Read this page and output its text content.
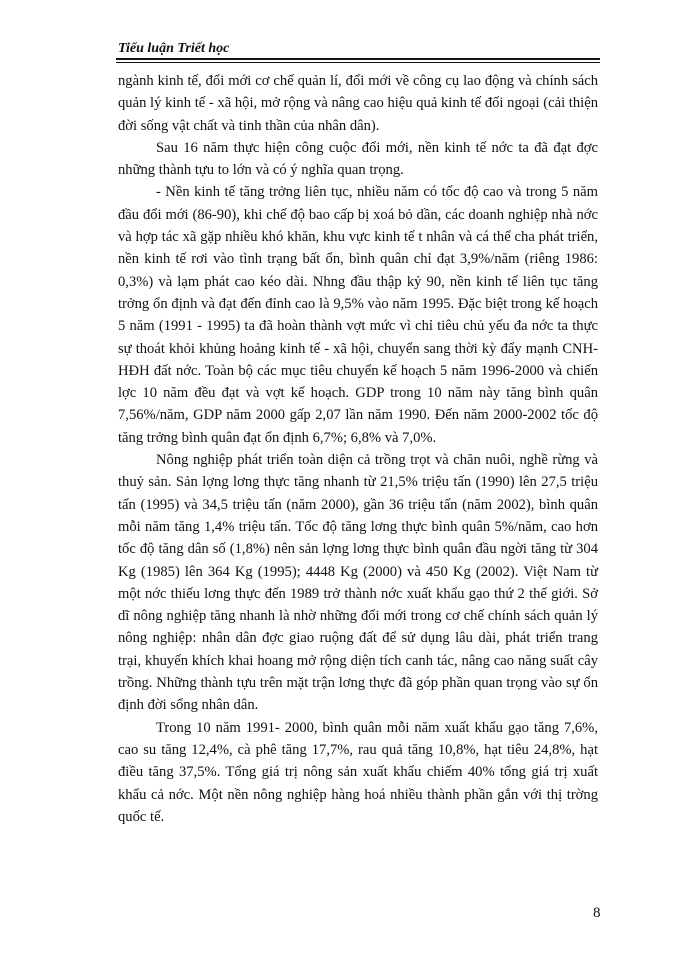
Tiểu luận Triết học

ngành kinh tế, đổi mới cơ chế quản lí, đổi mới về công cụ lao động và chính sách quản lý kinh tế - xã hội, mở rộng và nâng cao hiệu quả kinh tế đối ngoại (cải thiện đời sống vật chất và tinh thần của nhân dân).

Sau 16 năm thực hiện công cuộc đổi mới, nền kinh tế nớc ta đã đạt đợc những thành tựu to lớn và có ý nghĩa quan trọng.

- Nền kinh tế tăng trởng liên tục, nhiều năm có tốc độ cao và trong 5 năm đầu đổi mới (86-90), khi chế độ bao cấp bị xoá bỏ dần, các doanh nghiệp nhà nớc và hợp tác xã gặp nhiều khó khăn, khu vực kinh tế t nhân và cá thể cha phát triển, nền kinh tế rơi vào tình trạng bất ổn, bình quân chỉ đạt 3,9%/năm (riêng 1986: 0,3%) và lạm phát cao kéo dài. Nhng đầu thập kỷ 90, nền kinh tế liên tục tăng trởng ổn định và đạt đến đỉnh cao là 9,5% vào năm 1995. Đặc biệt trong kế hoạch 5 năm (1991 - 1995) ta đã hoàn thành vợt mức vì chỉ tiêu chủ yếu đa nớc ta thực sự thoát khỏi khủng hoảng kinh tế - xã hội, chuyển sang thời kỳ đẩy mạnh CNH-HĐH đất nớc. Toàn bộ các mục tiêu chuyển kế hoạch 5 năm 1996-2000 và chiến lợc 10 năm đều đạt và vợt kế hoạch. GDP trong 10 năm này tăng bình quân 7,56%/năm, GDP năm 2000 gấp 2,07 lần năm 1990. Đến năm 2000-2002 tốc độ tăng trởng bình quân đạt ổn định 6,7%; 6,8% và 7,0%.

Nông nghiệp phát triển toàn diện cả trồng trọt và chăn nuôi, nghề rừng và thuỷ sản. Sản lợng lơng thực tăng nhanh từ 21,5% triệu tấn (1990) lên 27,5 triệu tấn (1995) và 34,5 triệu tấn (năm 2000), gần 36 triệu tấn (năm 2002), bình quân mỗi năm tăng 1,4% triệu tấn. Tốc độ tăng lơng thực bình quân 5%/năm, cao hơn tốc độ tăng dân số (1,8%) nên sản lợng lơng thực bình quân đầu ngời tăng từ 304 Kg (1985) lên 364 Kg (1995); 4448 Kg (2000) và 450 Kg (2002). Việt Nam từ một nớc thiếu lơng thực đến 1989 trở thành nớc xuất khẩu gạo thứ 2 thế giới. Sở dĩ nông nghiệp tăng nhanh là nhờ những đổi mới trong cơ chế chính sách quản lý nông nghiệp: nhân dân đợc giao ruộng đất để sử dụng lâu dài, phát triển trang trại, khuyến khích khai hoang mở rộng diện tích canh tác, nâng cao năng suất cây trồng. Những thành tựu trên mặt trận lơng thực đã góp phần quan trọng vào sự ổn định đời sống nhân dân.

Trong 10 năm 1991- 2000, bình quân mỗi năm xuất khẩu gạo tăng 7,6%, cao su tăng 12,4%, cà phê tăng 17,7%, rau quả tăng 10,8%, hạt tiêu 24,8%, hạt điều tăng 37,5%. Tổng giá trị nông sản xuất khẩu chiếm 40% tổng giá trị xuất khẩu cả nớc. Một nền nông nghiệp hàng hoá nhiều thành phần gắn với thị trờng quốc tế.

8
